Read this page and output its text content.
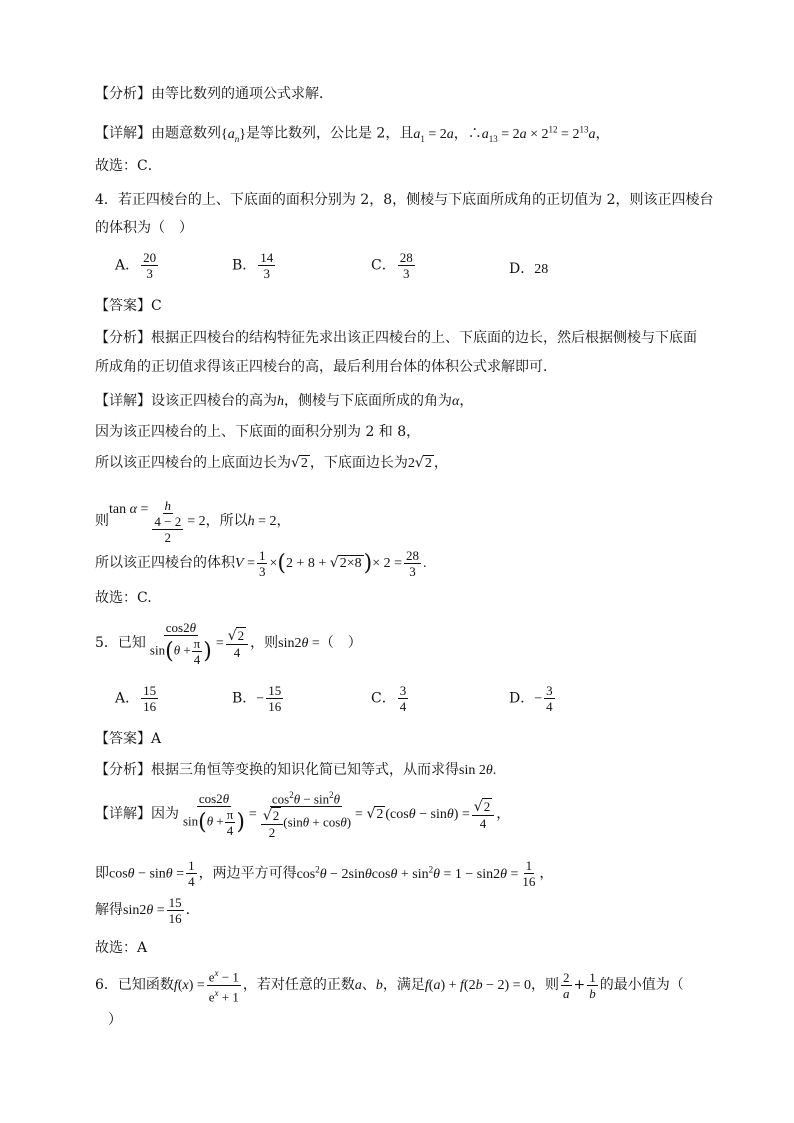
【分析】由等比数列的通项公式求解．
【详解】由题意数列$\{a_n\}$是等比数列，公比是 2，且$a_1 = 2a$，$\therefore a_{13} = 2a \times 2^{12} = 2^{13}a$，
故选：C．
4．若正四棱台的上、下底面的面积分别为 2，8，侧棱与下底面所成角的正切值为 2，则该正四棱台
的体积为（　）
A． $\frac{20}{3}$	B． $\frac{14}{3}$	C． $\frac{28}{3}$	D．28
【答案】C
【分析】根据正四棱台的结构特征先求出该正四棱台的上、下底面的边长，然后根据侧棱与下底面
所成角的正切值求得该正四棱台的高，最后利用台体的体积公式求解即可．
【详解】设该正四棱台的高为h，侧棱与下底面所成的角为α，
因为该正四棱台的上、下底面的面积分别为 2 和 8，
所以该正四棱台的上底面边长为√2 ，下底面边长为2√2 ，
则$\tan \alpha = \frac{h}{\frac{4 - 2}{2}} = 2$，所以h = 2，
所以该正四棱台的体积$V = \frac{1}{3} \times(2 + 8 + √2\times 8)\times 2 = \frac{28}{3}$ .
故选：C.
5．已知 $\frac{\cos 2\theta}{\sin(\theta + \frac{\pi}{4} )} = \frac{√2}{4}$ ，则sin2θ =（　）
A． $\frac{15}{16}$	B．− $\frac{15}{16}$	C． $\frac{3}{4}$	D．− $\frac{3}{4}$
【答案】A
【分析】根据三角恒等变换的知识化简已知等式，从而求得sin 2θ.
【详解】因为 $\frac{\cos 2\theta}{\sin(\theta + \frac{\pi}{4} )} = \frac{\cos^2\theta - \sin^2\theta}{\frac{√2}{2} (\sin\theta + \cos\theta)} = √2$ $(\cos\theta - \sin\theta) = \frac{√2}{4}$ ，
即$\cos\theta - \sin\theta = \frac{1}{4}$ ，两边平方可得$\cos^2\theta - 2\sin\theta\cos\theta + \sin^2\theta = 1 - \sin 2\theta = \frac{1}{16}$ ，
解得$\sin 2\theta = \frac{15}{16}$ .
故选：A
6．已知函数$f(x) = \frac{e^x - 1}{e^x + 1}$ ，若对任意的正数a、b，满足f(a) + f(2b − 2) = 0，则 $\frac{2}{a} + \frac{1}{b}$ 的最小值为（
）
